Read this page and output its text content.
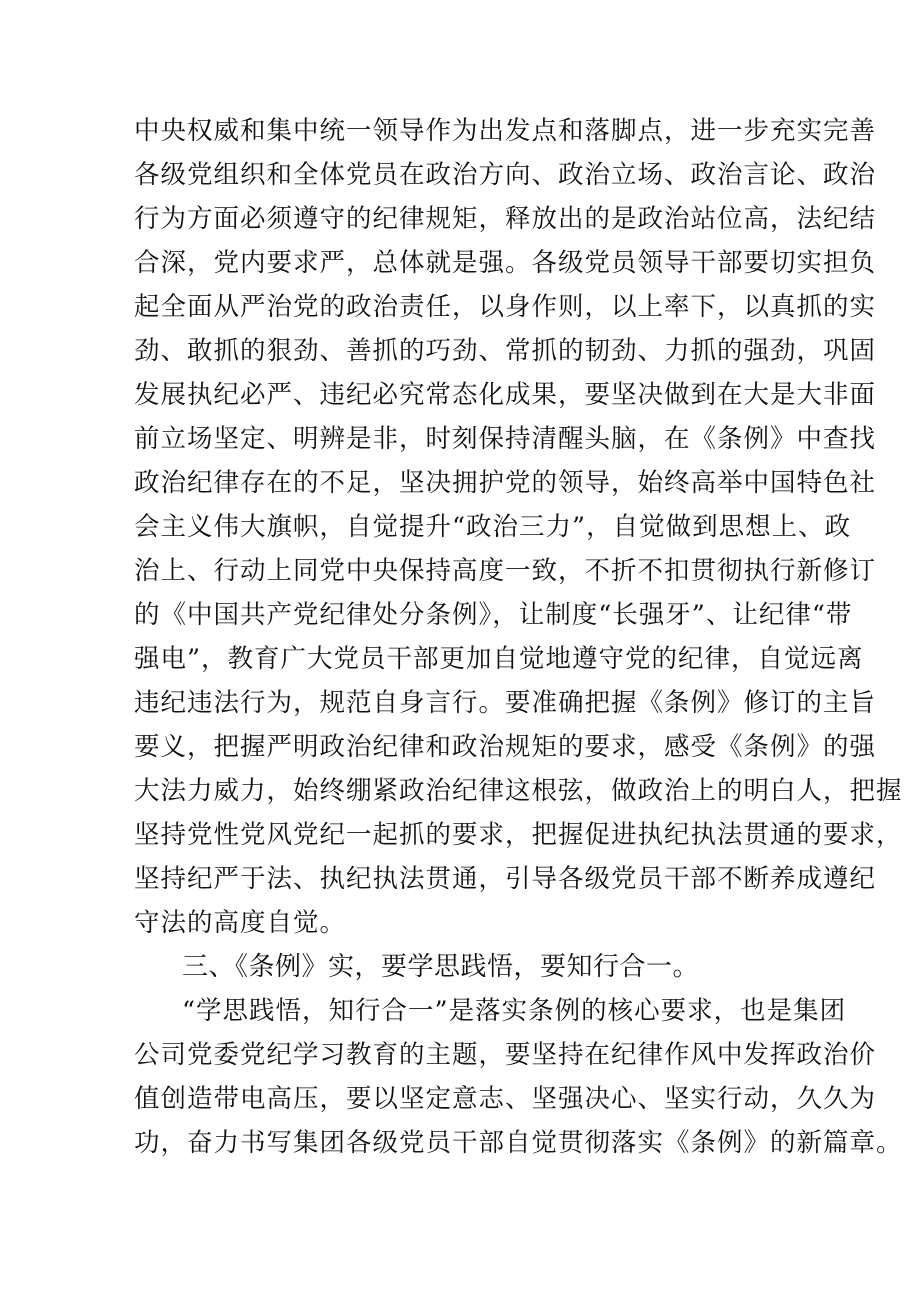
中央权威和集中统一领导作为出发点和落脚点，进一步充实完善
各级党组织和全体党员在政治方向、政治立场、政治言论、政治
行为方面必须遵守的纪律规矩，释放出的是政治站位高，法纪结
合深，党内要求严，总体就是强。各级党员领导干部要切实担负
起全面从严治党的政治责任，以身作则，以上率下，以真抓的实
劲、敢抓的狠劲、善抓的巧劲、常抓的韧劲、力抓的强劲，巩固
发展执纪必严、违纪必究常态化成果，要坚决做到在大是大非面
前立场坚定、明辨是非，时刻保持清醒头脑，在《条例》中查找
政治纪律存在的不足，坚决拥护党的领导，始终高举中国特色社
会主义伟大旗帜，自觉提升“政治三力”，自觉做到思想上、政
治上、行动上同党中央保持高度一致，不折不扣贯彻执行新修订
的《中国共产党纪律处分条例》，让制度“长强牙”、让纪律“带
强电”，教育广大党员干部更加自觉地遵守党的纪律，自觉远离
违纪违法行为，规范自身言行。要准确把握《条例》修订的主旨
要义，把握严明政治纪律和政治规矩的要求，感受《条例》的强
大法力威力，始终绷紧政治纪律这根弦，做政治上的明白人，把握
坚持党性党风党纪一起抓的要求，把握促进执纪执法贯通的要求，
坚持纪严于法、执纪执法贯通，引导各级党员干部不断养成遵纪
守法的高度自觉。
三、《条例》实，要学思践悟，要知行合一。
“学思践悟，知行合一”是落实条例的核心要求，也是集团
公司党委党纪学习教育的主题，要坚持在纪律作风中发挥政治价
值创造带电高压，要以坚定意志、坚强决心、坚实行动，久久为
功，奋力书写集团各级党员干部自觉贯彻落实《条例》的新篇章。
